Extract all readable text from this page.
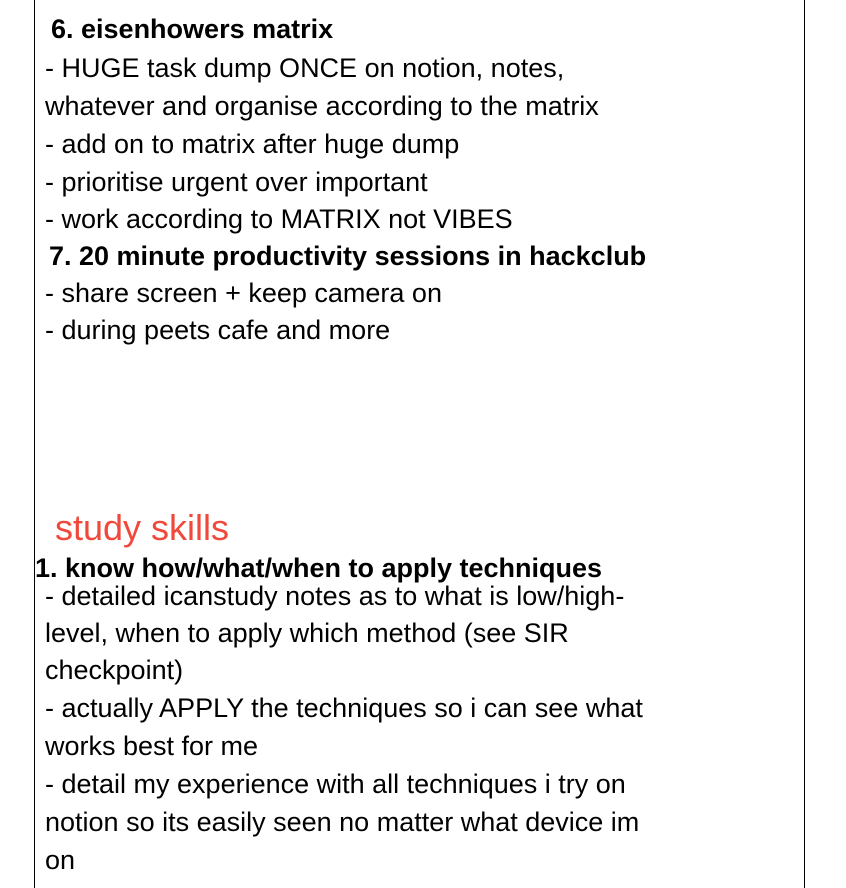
6. eisenhowers matrix
- HUGE task dump ONCE on notion, notes,
whatever and organise according to the matrix
- add on to matrix after huge dump
- prioritise urgent over important
- work according to MATRIX not VIBES
7. 20 minute productivity sessions in hackclub
- share screen + keep camera on
- during peets cafe and more
study skills
1. know how/what/when to apply techniques
- detailed icanstudy notes as to what is low/high-
level, when to apply which method (see SIR
checkpoint)
- actually APPLY the techniques so i can see what
works best for me
- detail my experience with all techniques i try on
notion so its easily seen no matter what device im
on
